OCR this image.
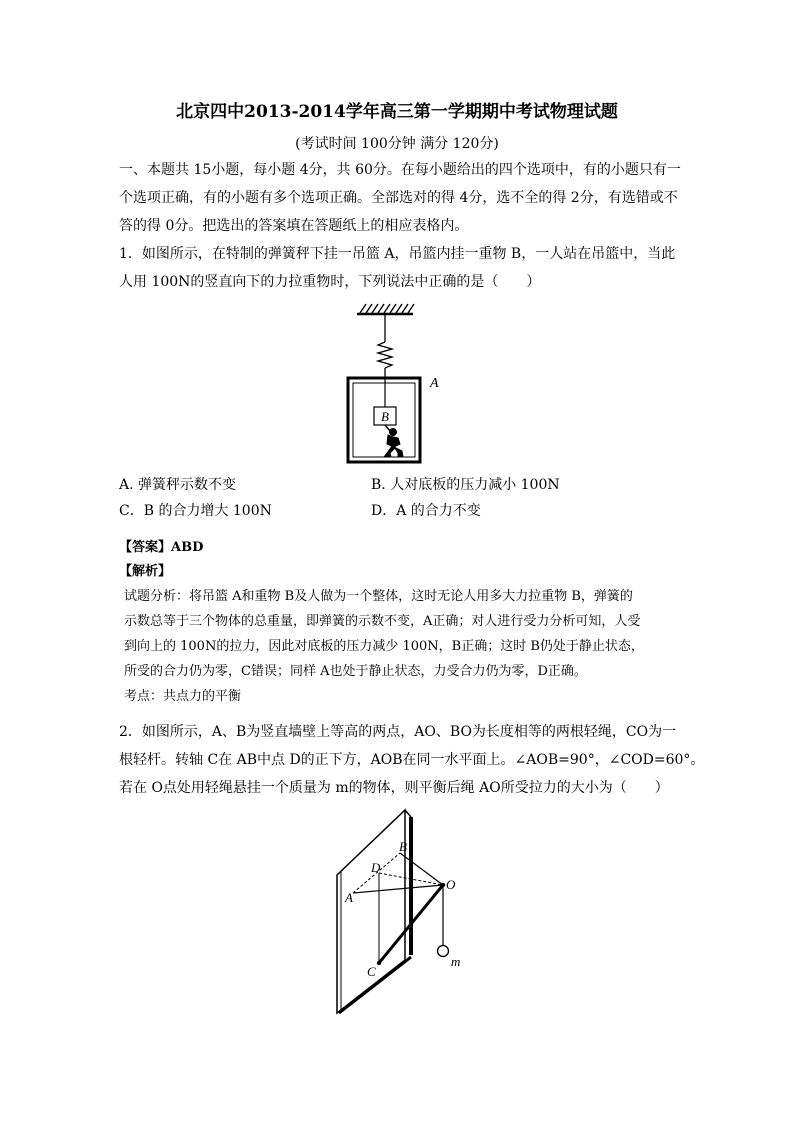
北京四中2013-2014学年高三第一学期期中考试物理试题
(考试时间 100分钟 满分 120分)
一、本题共 15小题，每小题 4分，共 60分。在每小题给出的四个选项中，有的小题只有一
个选项正确，有的小题有多个选项正确。全部选对的得 4分，选不全的得 2分，有选错或不
答的得 0分。把选出的答案填在答题纸上的相应表格内。
1．如图所示，在特制的弹簧秤下挂一吊篮 A，吊篮内挂一重物 B，一人站在吊篮中，当此
人用 100N的竖直向下的力拉重物时，下列说法中正确的是（　　）
A
B
A. 弹簧秤示数不变	B. 人对底板的压力减小 100N
C．B 的合力增大 100N	D．A 的合力不变
【答案】ABD
【解析】
试题分析：将吊篮 A和重物 B及人做为一个整体，这时无论人用多大力拉重物 B，弹簧的
示数总等于三个物体的总重量，即弹簧的示数不变，A正确；对人进行受力分析可知，人受
到向上的 100N的拉力，因此对底板的压力减少 100N，B正确；这时 B仍处于静止状态，
所受的合力仍为零，C错误；同样 A也处于静止状态，力受合力仍为零，D正确。
考点：共点力的平衡
2．如图所示，A、B为竖直墙壁上等高的两点，AO、BO为长度相等的两根轻绳，CO为一
根轻杆。转轴 C在 AB中点 D的正下方，AOB在同一水平面上。∠AOB=90°，∠COD=60°。
若在 O点处用轻绳悬挂一个质量为 m的物体，则平衡后绳 AO所受拉力的大小为（　　）
A
B
D
O
C
m
